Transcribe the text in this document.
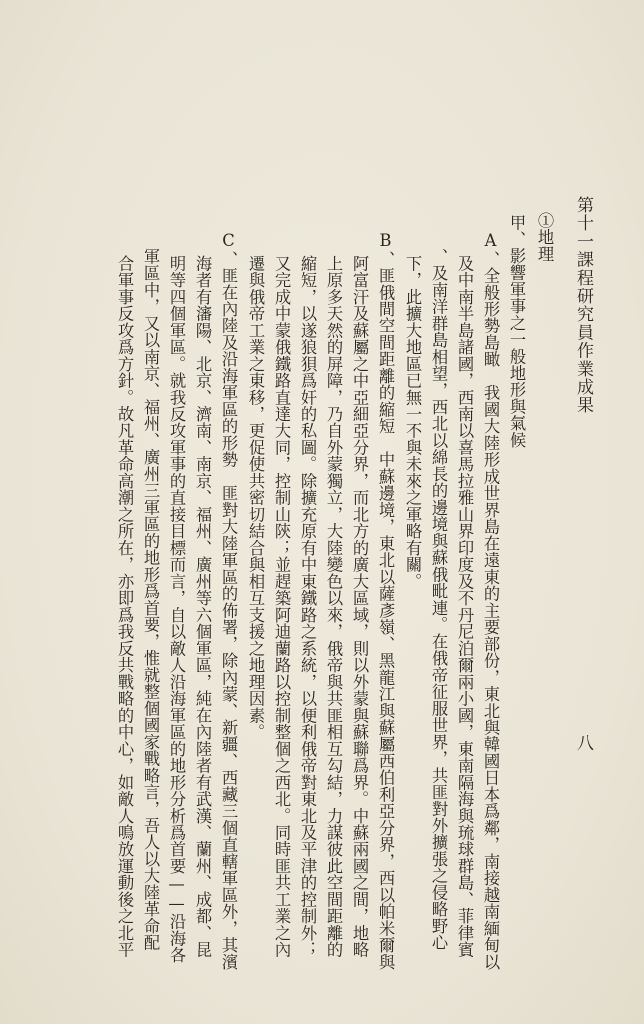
第十一課程研究員作業成果
八
①地理
甲、影響軍事之一般地形與氣候
A、全般形勢島瞰　我國大陸形成世界島在遠東的主要部份，東北與韓國日本爲鄰，南接越南緬甸以
及中南半島諸國，西南以喜馬拉雅山界印度及不丹尼泊爾兩小國，東南隔海與琉球群島、菲律賓
、及南洋群島相望，西北以綿長的邊境與蘇俄毗連。在俄帝征服世界，共匪對外擴張之侵略野心
下，此擴大地區已無一不與未來之軍略有關。
B、匪俄間空間距離的縮短　中蘇邊境，東北以薩彥嶺、黑龍江與蘇屬西伯利亞分界，西以帕米爾與
阿富汗及蘇屬之中亞細亞分界，而北方的廣大區域，則以外蒙與蘇聯爲界。中蘇兩國之間，地略
上原多天然的屏障，乃自外蒙獨立，大陸變色以來，俄帝與共匪相互勾結，力謀彼此空間距離的
縮短，以遂狼狽爲奸的私圖。除擴充原有中東鐵路之系統，以便利俄帝對東北及平津的控制外；
又完成中蒙俄鐵路直達大同，控制山陝；並趕築阿迪蘭路以控制整個之西北。同時匪共工業之內
遷與俄帝工業之東移，更促使共密切結合與相互支援之地理因素。
C、匪在內陸及沿海軍區的形勢　匪對大陸軍區的佈署，除內蒙、新疆、西藏三個直轄軍區外，其濱
海者有瀋陽、北京、濟南、南京、福州、廣州等六個軍區，純在內陸者有武漢、蘭州、成都、昆
明等四個軍區。就我反攻軍事的直接目標而言，自以敵人沿海軍區的地形分析爲首要——沿海各
軍區中，又以南京、福州、廣州三軍區的地形爲首要，惟就整個國家戰略言，吾人以大陸革命配
合軍事反攻爲方針。故凡革命高潮之所在，亦即爲我反共戰略的中心，如敵人鳴放運動後之北平
